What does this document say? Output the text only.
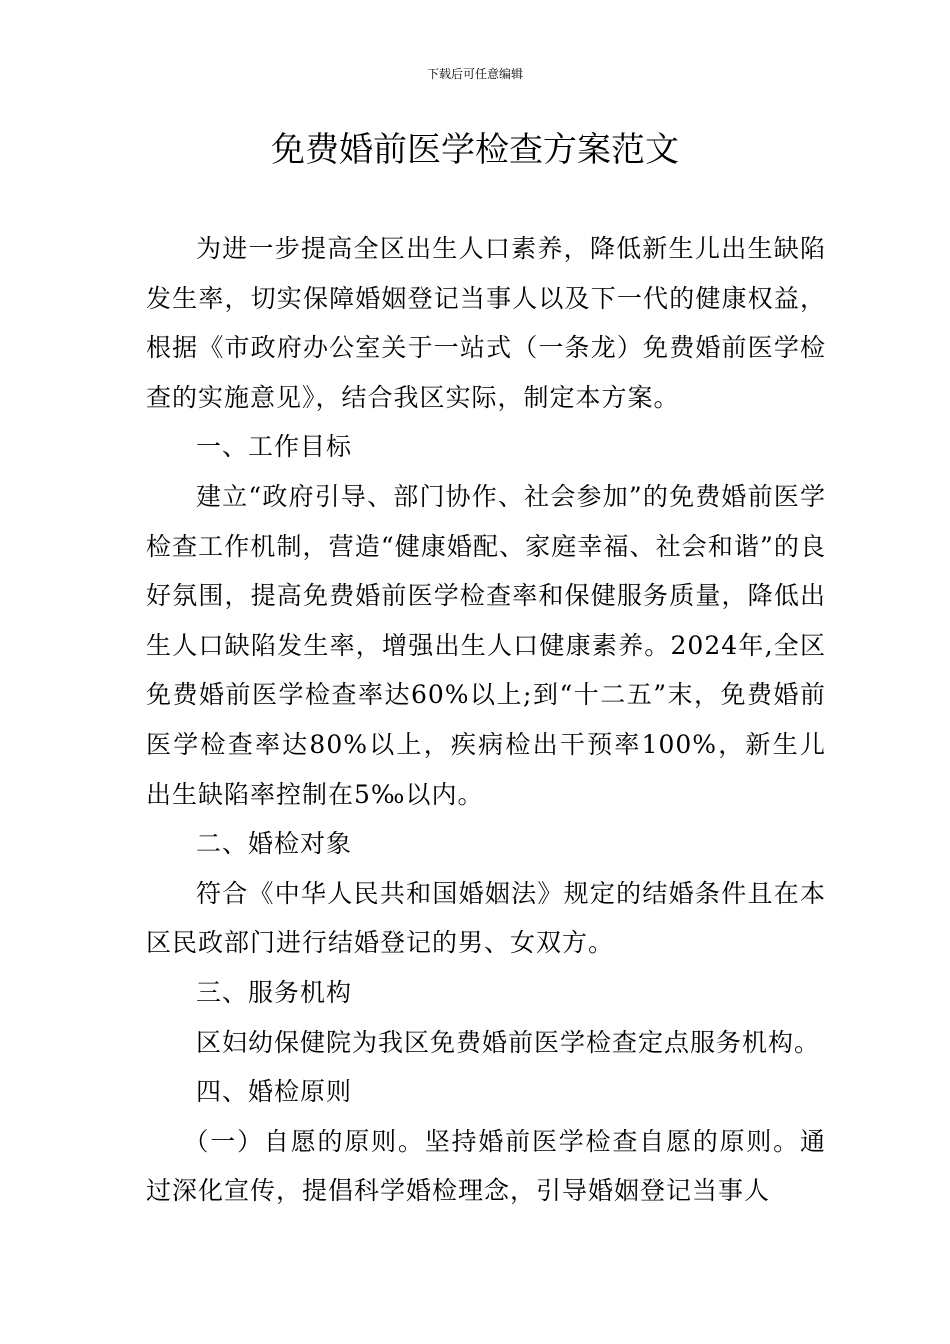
下载后可任意编辑
免费婚前医学检查方案范文

为进一步提高全区出生人口素养，降低新生儿出生缺陷发生率，切实保障婚姻登记当事人以及下一代的健康权益，根据《市政府办公室关于一站式（一条龙）免费婚前医学检查的实施意见》，结合我区实际，制定本方案。

一、工作目标

建立“政府引导、部门协作、社会参加”的免费婚前医学检查工作机制，营造“健康婚配、家庭幸福、社会和谐”的良好氛围，提高免费婚前医学检查率和保健服务质量，降低出生人口缺陷发生率，增强出生人口健康素养。2024年,全区免费婚前医学检查率达60%以上;到“十二五”末，免费婚前医学检查率达80%以上，疾病检出干预率100%，新生儿出生缺陷率控制在5‰以内。

二、婚检对象

符合《中华人民共和国婚姻法》规定的结婚条件且在本区民政部门进行结婚登记的男、女双方。

三、服务机构

区妇幼保健院为我区免费婚前医学检查定点服务机构。

四、婚检原则

（一）自愿的原则。坚持婚前医学检查自愿的原则。通过深化宣传，提倡科学婚检理念，引导婚姻登记当事人
